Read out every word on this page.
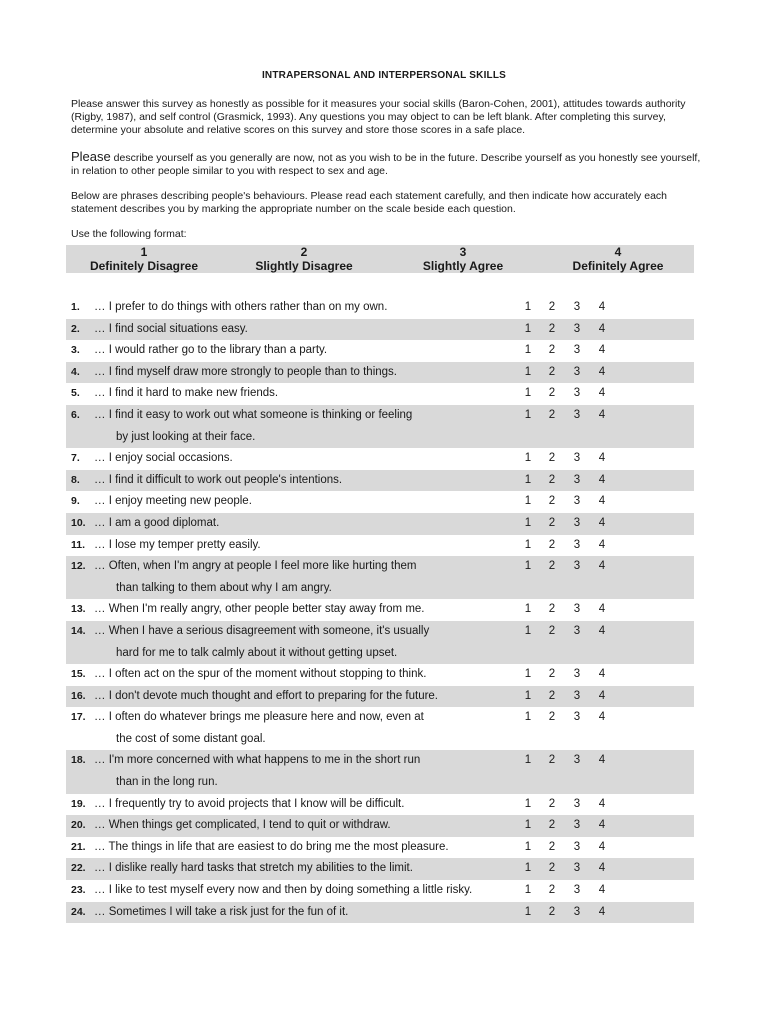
INTRAPERSONAL AND INTERPERSONAL SKILLS

Please answer this survey as honestly as possible for it measures your social skills (Baron-Cohen, 2001), attitudes towards authority (Rigby, 1987), and self control (Grasmick, 1993). Any questions you may object to can be left blank. After completing this survey, determine your absolute and relative scores on this survey and store those scores in a safe place.

Please describe yourself as you generally are now, not as you wish to be in the future. Describe yourself as you honestly see yourself, in relation to other people similar to you with respect to sex and age.

Below are phrases describing people's behaviours. Please read each statement carefully, and then indicate how accurately each statement describes you by marking the appropriate number on the scale beside each question.

Use the following format:

1
Definitely Disagree
2
Slightly Disagree
3
Slightly Agree
4
Definitely Agree
1. … I prefer to do things with others rather than on my own.	1 2 3 4
2. … I find social situations easy.	1 2 3 4
3. … I would rather go to the library than a party.	1 2 3 4
4. … I find myself draw more strongly to people than to things.	1 2 3 4
5. … I find it hard to make new friends.	1 2 3 4
6. … I find it easy to work out what someone is thinking or feeling
by just looking at their face.
1 2 3 4
7. … I enjoy social occasions.	1 2 3 4
8. … I find it difficult to work out people's intentions.	1 2 3 4
9. … I enjoy meeting new people.	1 2 3 4
10. … I am a good diplomat.	1 2 3 4
11. … I lose my temper pretty easily.	1 2 3 4
12. … Often, when I'm angry at people I feel more like hurting them
than talking to them about why I am angry.
1 2 3 4
13. … When I'm really angry, other people better stay away from me.	1 2 3 4
14. … When I have a serious disagreement with someone, it's usually
hard for me to talk calmly about it without getting upset.
1 2 3 4
15. … I often act on the spur of the moment without stopping to think.	1 2 3 4
16. … I don't devote much thought and effort to preparing for the future.	1 2 3 4
17. … I often do whatever brings me pleasure here and now, even at
the cost of some distant goal.
1 2 3 4
18. … I'm more concerned with what happens to me in the short run
than in the long run.
1 2 3 4
19. … I frequently try to avoid projects that I know will be difficult.	1 2 3 4
20. … When things get complicated, I tend to quit or withdraw.	1 2 3 4
21. … The things in life that are easiest to do bring me the most pleasure.	1 2 3 4
22. … I dislike really hard tasks that stretch my abilities to the limit.	1 2 3 4
23. … I like to test myself every now and then by doing something a little risky.	1 2 3 4
24. … Sometimes I will take a risk just for the fun of it.	1 2 3 4
